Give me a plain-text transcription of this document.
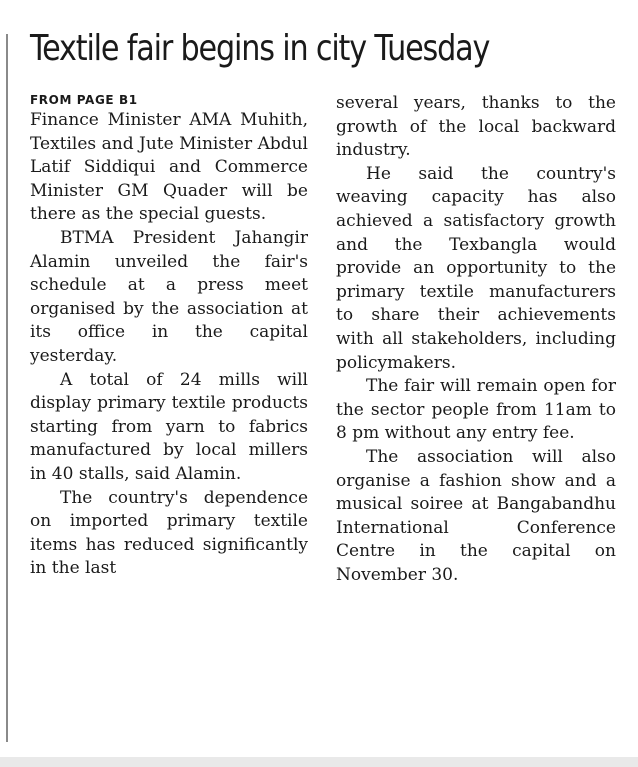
Textile fair begins in city Tuesday
FROM PAGE B1

Finance Minister AMA Muhith, Textiles and Jute Minister Abdul Latif Siddiqui and Commerce Minister GM Quader will be there as the special guests.

BTMA President Jahangir Alamin unveiled the fair's schedule at a press meet organised by the association at its office in the capital yesterday.

A total of 24 mills will display primary textile products starting from yarn to fabrics manufactured by local millers in 40 stalls, said Alamin.

The country's dependence on imported primary textile items has reduced significantly in the last

several years, thanks to the growth of the local backward industry.

He said the country's weaving capacity has also achieved a satisfactory growth and the Texbangla would provide an opportunity to the primary textile manufacturers to share their achievements with all stakeholders, including policymakers.

The fair will remain open for the sector people from 11am to 8 pm without any entry fee.

The association will also organise a fashion show and a musical soiree at Bangabandhu International Conference Centre in the capital on November 30.
